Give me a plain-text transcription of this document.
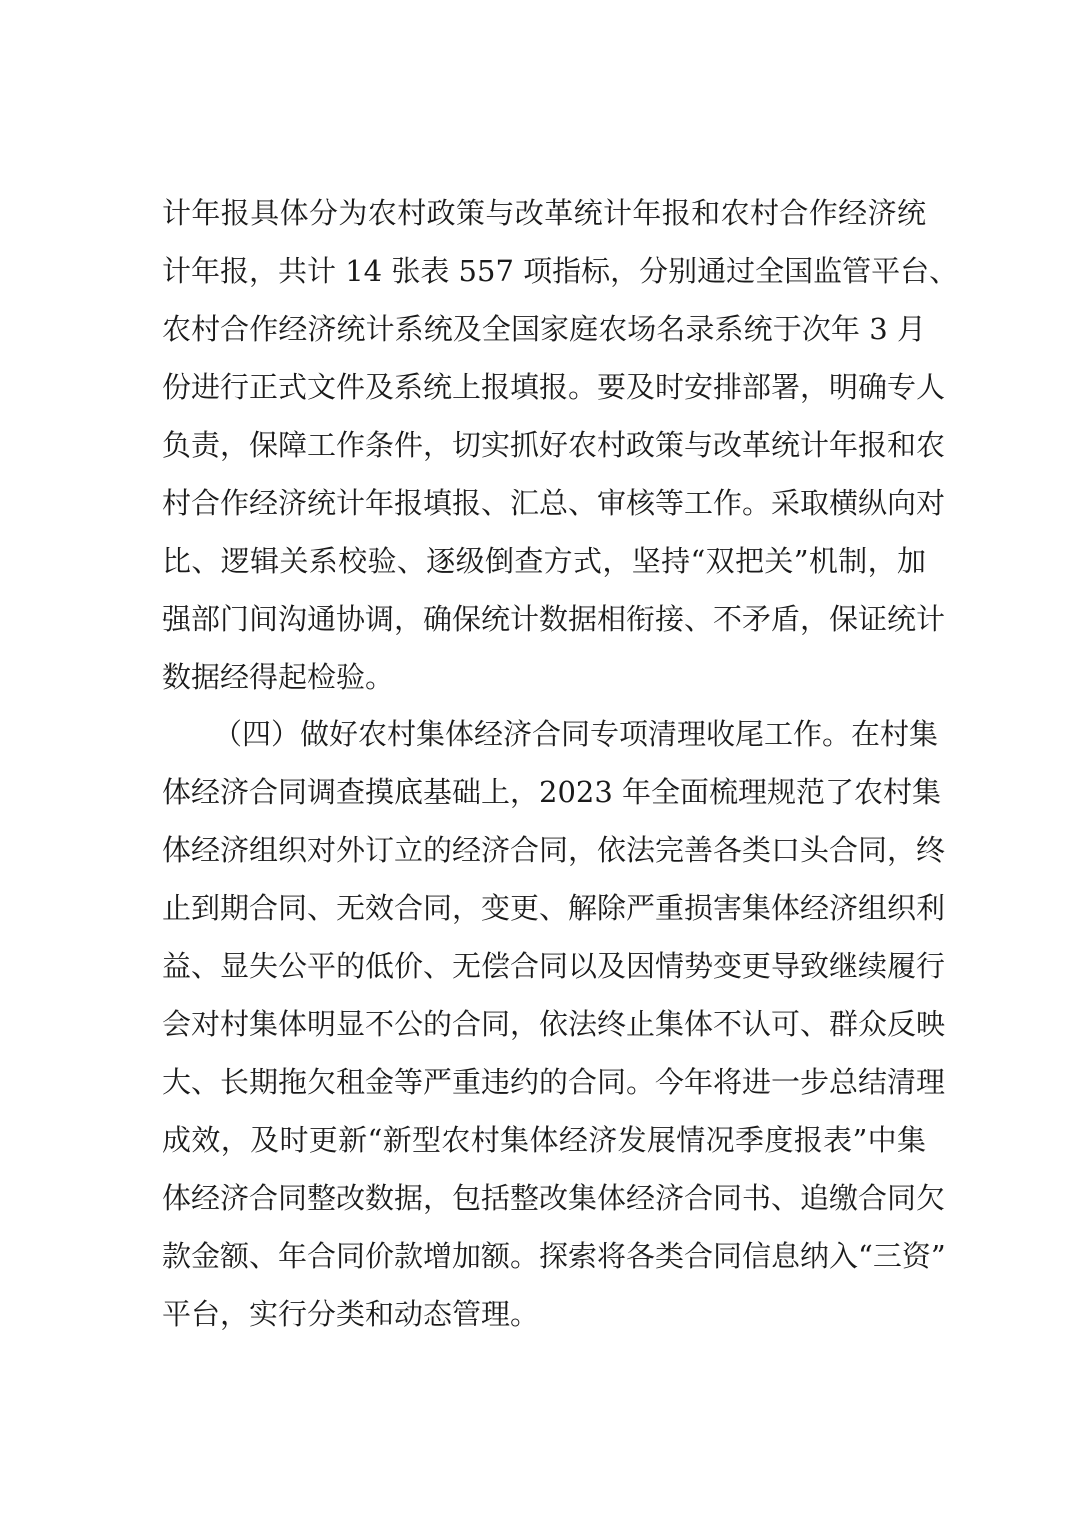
计年报具体分为农村政策与改革统计年报和农村合作经济统

计年报，共计 14 张表 557 项指标，分别通过全国监管平台、

农村合作经济统计系统及全国家庭农场名录系统于次年 3 月

份进行正式文件及系统上报填报。要及时安排部署，明确专人

负责，保障工作条件，切实抓好农村政策与改革统计年报和农

村合作经济统计年报填报、汇总、审核等工作。采取横纵向对

比、逻辑关系校验、逐级倒查方式，坚持“双把关”机制，加

强部门间沟通协调，确保统计数据相衔接、不矛盾，保证统计

数据经得起检验。

（四）做好农村集体经济合同专项清理收尾工作。在村集

体经济合同调查摸底基础上，2023 年全面梳理规范了农村集

体经济组织对外订立的经济合同，依法完善各类口头合同，终

止到期合同、无效合同，变更、解除严重损害集体经济组织利

益、显失公平的低价、无偿合同以及因情势变更导致继续履行

会对村集体明显不公的合同，依法终止集体不认可、群众反映

大、长期拖欠租金等严重违约的合同。今年将进一步总结清理

成效，及时更新“新型农村集体经济发展情况季度报表”中集

体经济合同整改数据，包括整改集体经济合同书、追缴合同欠

款金额、年合同价款增加额。探索将各类合同信息纳入“三资”

平台，实行分类和动态管理。
